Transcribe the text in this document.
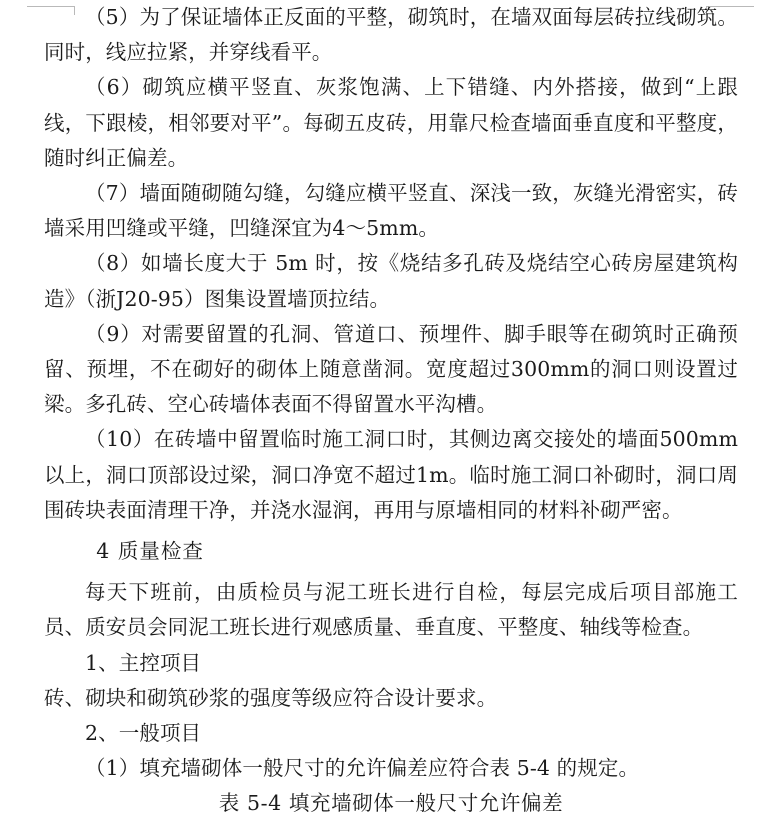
（5）为了保证墙体正反面的平整，砌筑时，在墙双面每层砖拉线砌筑。同时，线应拉紧，并穿线看平。

（6）砌筑应横平竖直、灰浆饱满、上下错缝、内外搭接，做到“上跟线，下跟棱，相邻要对平”。每砌五皮砖，用靠尺检查墙面垂直度和平整度，随时纠正偏差。

（7）墙面随砌随勾缝，勾缝应横平竖直、深浅一致，灰缝光滑密实，砖墙采用凹缝或平缝，凹缝深宜为4～5mm。

（8）如墙长度大于 5m 时，按《烧结多孔砖及烧结空心砖房屋建筑构造》（浙J20-95）图集设置墙顶拉结。

（9）对需要留置的孔洞、管道口、预埋件、脚手眼等在砌筑时正确预留、预埋，不在砌好的砌体上随意凿洞。宽度超过300mm的洞口则设置过梁。多孔砖、空心砖墙体表面不得留置水平沟槽。

（10）在砖墙中留置临时施工洞口时，其侧边离交接处的墙面500mm以上，洞口顶部设过梁，洞口净宽不超过1m。临时施工洞口补砌时，洞口周围砖块表面清理干净，并浇水湿润，再用与原墙相同的材料补砌严密。

4 质量检查

每天下班前，由质检员与泥工班长进行自检，每层完成后项目部施工员、质安员会同泥工班长进行观感质量、垂直度、平整度、轴线等检查。

1、主控项目

砖、砌块和砌筑砂浆的强度等级应符合设计要求。

2、一般项目

（1）填充墙砌体一般尺寸的允许偏差应符合表 5-4 的规定。

表 5-4 填充墙砌体一般尺寸允许偏差
